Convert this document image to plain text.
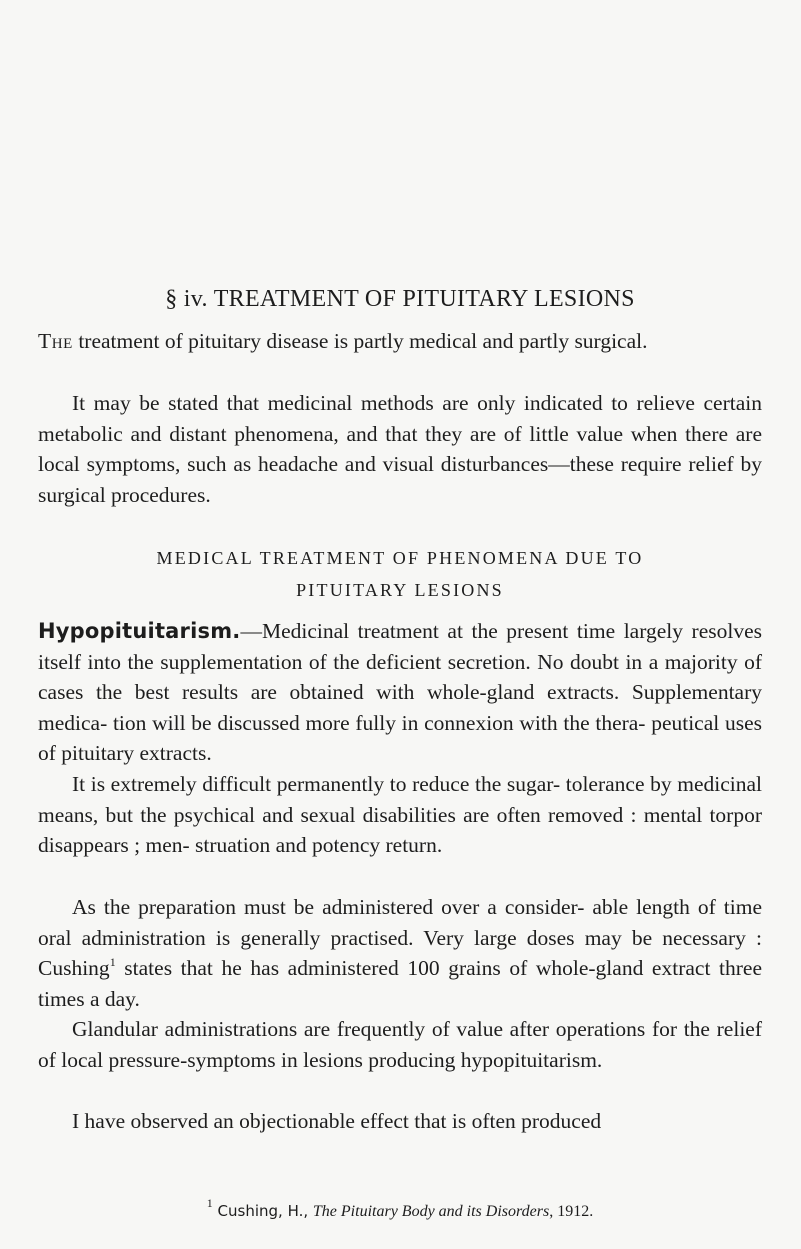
§ iv. TREATMENT OF PITUITARY LESIONS

The treatment of pituitary disease is partly medical and partly surgical.

It may be stated that medicinal methods are only indicated to relieve certain metabolic and distant phenomena, and that they are of little value when there are local symptoms, such as headache and visual disturbances—these require relief by surgical procedures.

MEDICAL TREATMENT OF PHENOMENA DUE TO
PITUITARY LESIONS

Hypopituitarism.—Medicinal treatment at the present time largely resolves itself into the supplementation of the deficient secretion. No doubt in a majority of cases the best results are obtained with whole-gland extracts. Supplementary medica- tion will be discussed more fully in connexion with the thera- peutical uses of pituitary extracts.

It is extremely difficult permanently to reduce the sugar- tolerance by medicinal means, but the psychical and sexual disabilities are often removed : mental torpor disappears ; men- struation and potency return.

As the preparation must be administered over a consider- able length of time oral administration is generally practised. Very large doses may be necessary : Cushing$^1$ states that he has administered 100 grains of whole-gland extract three times a day.

Glandular administrations are frequently of value after operations for the relief of local pressure-symptoms in lesions producing hypopituitarism.

I have observed an objectionable effect that is often produced

$^1$ Cushing, H., The Pituitary Body and its Disorders, 1912.
